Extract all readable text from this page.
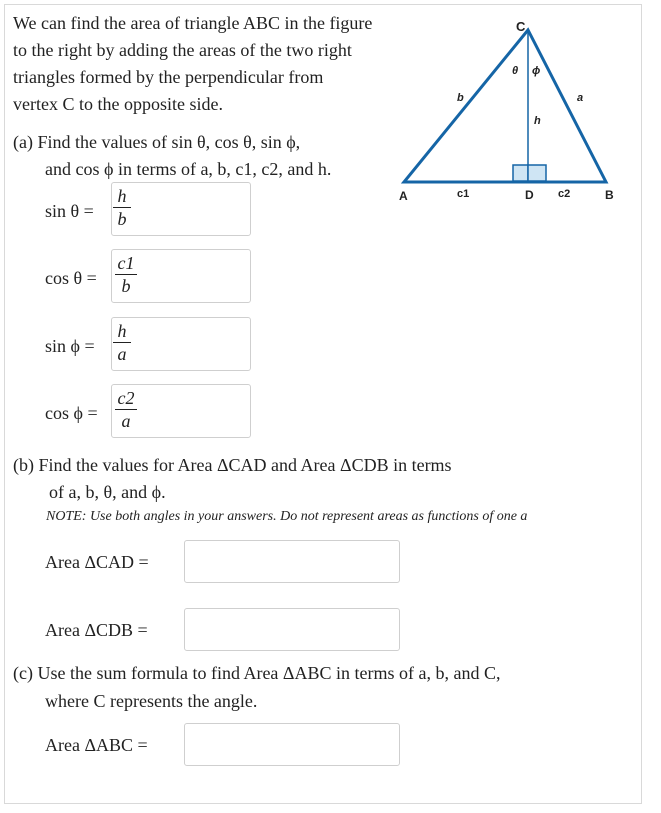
We can find the area of triangle ABC in the figure
to the right by adding the areas of the two right
triangles formed by the perpendicular from
vertex C to the opposite side.
C
A	B
D
b	a
h
c1	c2
θ ϕ
(a) Find the values of sin θ, cos θ, sin ϕ,
and cos ϕ in terms of a, b, c1, c2, and h.
sin θ =
h
b
cos θ =
c1
b
sin ϕ =
h
a
cos ϕ =
c2
a
(b) Find the values for Area ΔCAD and Area ΔCDB in terms
of a, b, θ, and ϕ.
NOTE: Use both angles in your answers. Do not represent areas as functions of one a
Area ΔCAD =
Area ΔCDB =
(c) Use the sum formula to find Area ΔABC in terms of a, b, and C,
where C represents the angle.
Area ΔABC =
